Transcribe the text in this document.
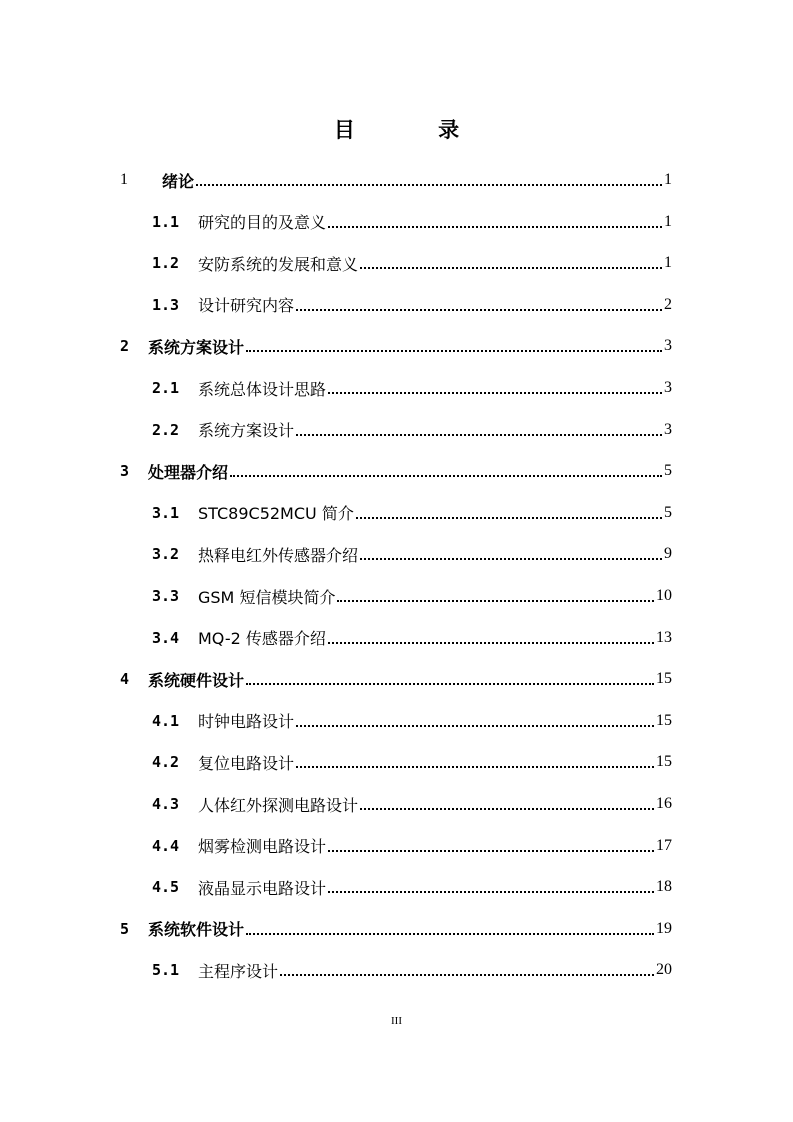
目 录
1	绪论	1
1.1	研究的目的及意义	1
1.2	安防系统的发展和意义	1
1.3	设计研究内容	2
2	系统方案设计	3
2.1	系统总体设计思路	3
2.2	系统方案设计	3
3	处理器介绍	5
3.1	STC89C52MCU 简介	5
3.2	热释电红外传感器介绍	9
3.3	GSM 短信模块简介	10
3.4	MQ-2 传感器介绍	13
4	系统硬件设计	15
4.1	时钟电路设计	15
4.2	复位电路设计	15
4.3	人体红外探测电路设计	16
4.4	烟雾检测电路设计	17
4.5	液晶显示电路设计	18
5	系统软件设计	19
5.1	主程序设计	20
III
